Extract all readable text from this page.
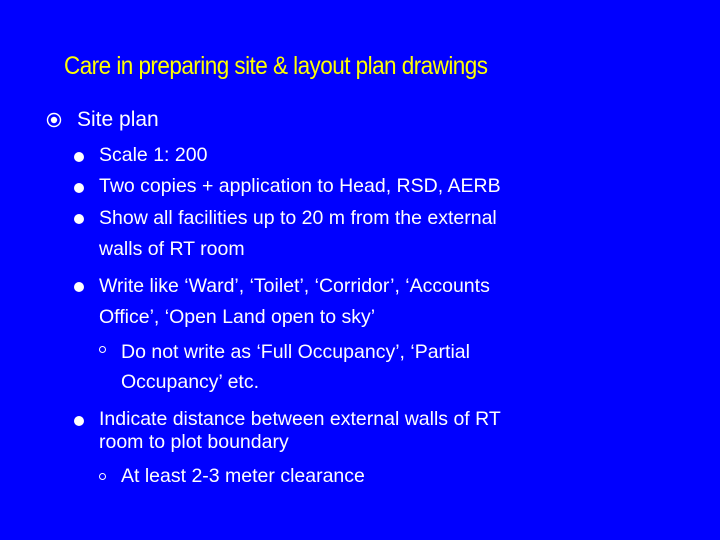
Care in preparing site & layout plan drawings
Site plan
Scale 1: 200
Two copies + application to Head, RSD, AERB
Show all facilities up to 20 m from the external
walls of RT room
Write like ‘Ward’, ‘Toilet’, ‘Corridor’, ‘Accounts
Office’, ‘Open Land open to sky’
Do not write as ‘Full Occupancy’, ‘Partial
Occupancy’ etc.
Indicate distance between external walls of RT
room to plot boundary
At least 2-3 meter clearance
